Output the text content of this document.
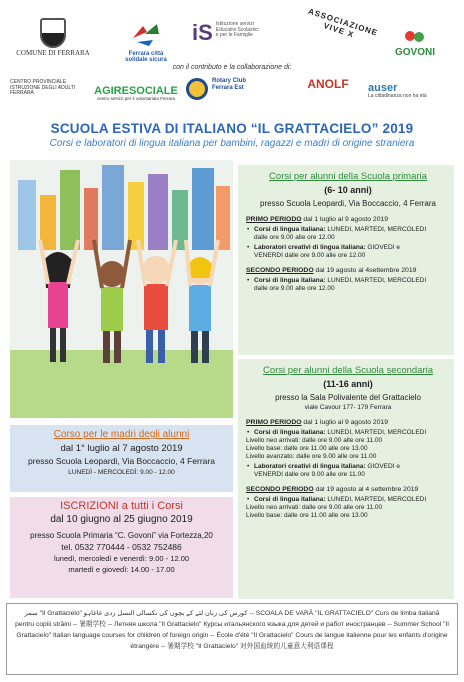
COMUNE DI FERRARA	Ferrara città solidale sicura
iS Istituzione servizi Educativi Scolastici e per le Famiglie	ASSOCIAZIONE VIVE X
GOVONI
con il contributo e la collaborazione di:
CENTRO PROVINCIALE ISTRUZIONE DEGLI ADULTI FERRARA	AGIRESOCIALE
centro servizi per il volontariato Ferrara
Rotary Club Ferrara Est	ANOLF	auser
La cittadinanza non ha età
SCUOLA ESTIVA DI ITALIANO “IL GRATTACIELO” 2019
Corsi e laboratori di lingua italiana per bambini, ragazzi e madri di origine straniera
Corso per le madri degli alunni
dal 1° luglio al 7 agosto 2019
presso Scuola Leopardi, Via Boccaccio, 4 Ferrara
LUNEDÌ - MERCOLEDÌ: 9.00 - 12.00
ISCRIZIONI a tutti i Corsi
dal 10 giugno al 25 giugno 2019
presso Scuola Primaria “C. Govoni” via Fortezza,20
tel. 0532 770444 - 0532 752486
lunedì, mercoledì e venerdì: 9.00 - 12.00
martedì e giovedì: 14.00 - 17.00
Corsi per alunni della Scuola primaria
(6- 10 anni)
presso Scuola Leopardi, Via Boccaccio, 4 Ferrara
PRIMO PERIODO dal 1 luglio al 9 agosto 2019
• Corsi di lingua italiana: LUNEDI, MARTEDI, MERCOLEDI
dalle ore 9.00 alle ore 12.00
• Laboratori creativi di lingua italiana: GIOVEDI e
VENERDI dalle ore 9.00 alle ore 12.00
SECONDO PERIODO dal 19 agosto al 4settembre 2019
• Corsi di lingua italiana: LUNEDI, MARTEDI, MERCOLEDI
dalle ore 9.00 alle ore 12.00
Corsi per alunni della Scuola secondaria
(11-16 anni)
presso la Sala Polivalente del Grattacielo
viale Cavour 177- 179 Ferrara
PRIMO PERIODO dal 1 luglio al 9 agosto 2019
• Corsi di lingua italiana: LUNEDI, MARTEDI, MERCOLEDI
Livello neo arrivati: dalle ore 9.00 alle ore 11.00
Livello base: dalle ore 11.00 alle ore 13.00
Livello avanzato: dalle ore 9.00 alle ore 11.00
• Laboratori creativi di lingua italiana: GIOVEDI e
VENERDI dalle ore 9.00 alle ore 11.00
SECONDO PERIODO dal 19 agosto al 4 settembre 2019
• Corsi di lingua italiana: LUNEDI, MARTEDI, MERCOLEDI
Livello neo arrivati: dalle ore 9.00 alle ore 11.00
Livello base: dalle ore 11.00 alle ore 13.00
سمر "Il Grattacielo" كورس كى زبان لئے كے بچوں كى نكسالى النسل زدى غاغاہو -- SCOALA DE VARĂ "IL GRATTACIELO" Curs de limba italiană pentru copiii străini -- 暑期学校 -- Летняя школа "Il Grattacielo" Курсы итальянского языка для детей и работ иностранцев -- Summer School "Il Grattacielo" Italian language courses for children of foreign origin -- École d'été "Il Grattacielo" Cours de langue italienne pour les enfants d'origine étrangère -- 暑期学校 "Il Grattacielo" 对外国血统的儿童意大利语课程
